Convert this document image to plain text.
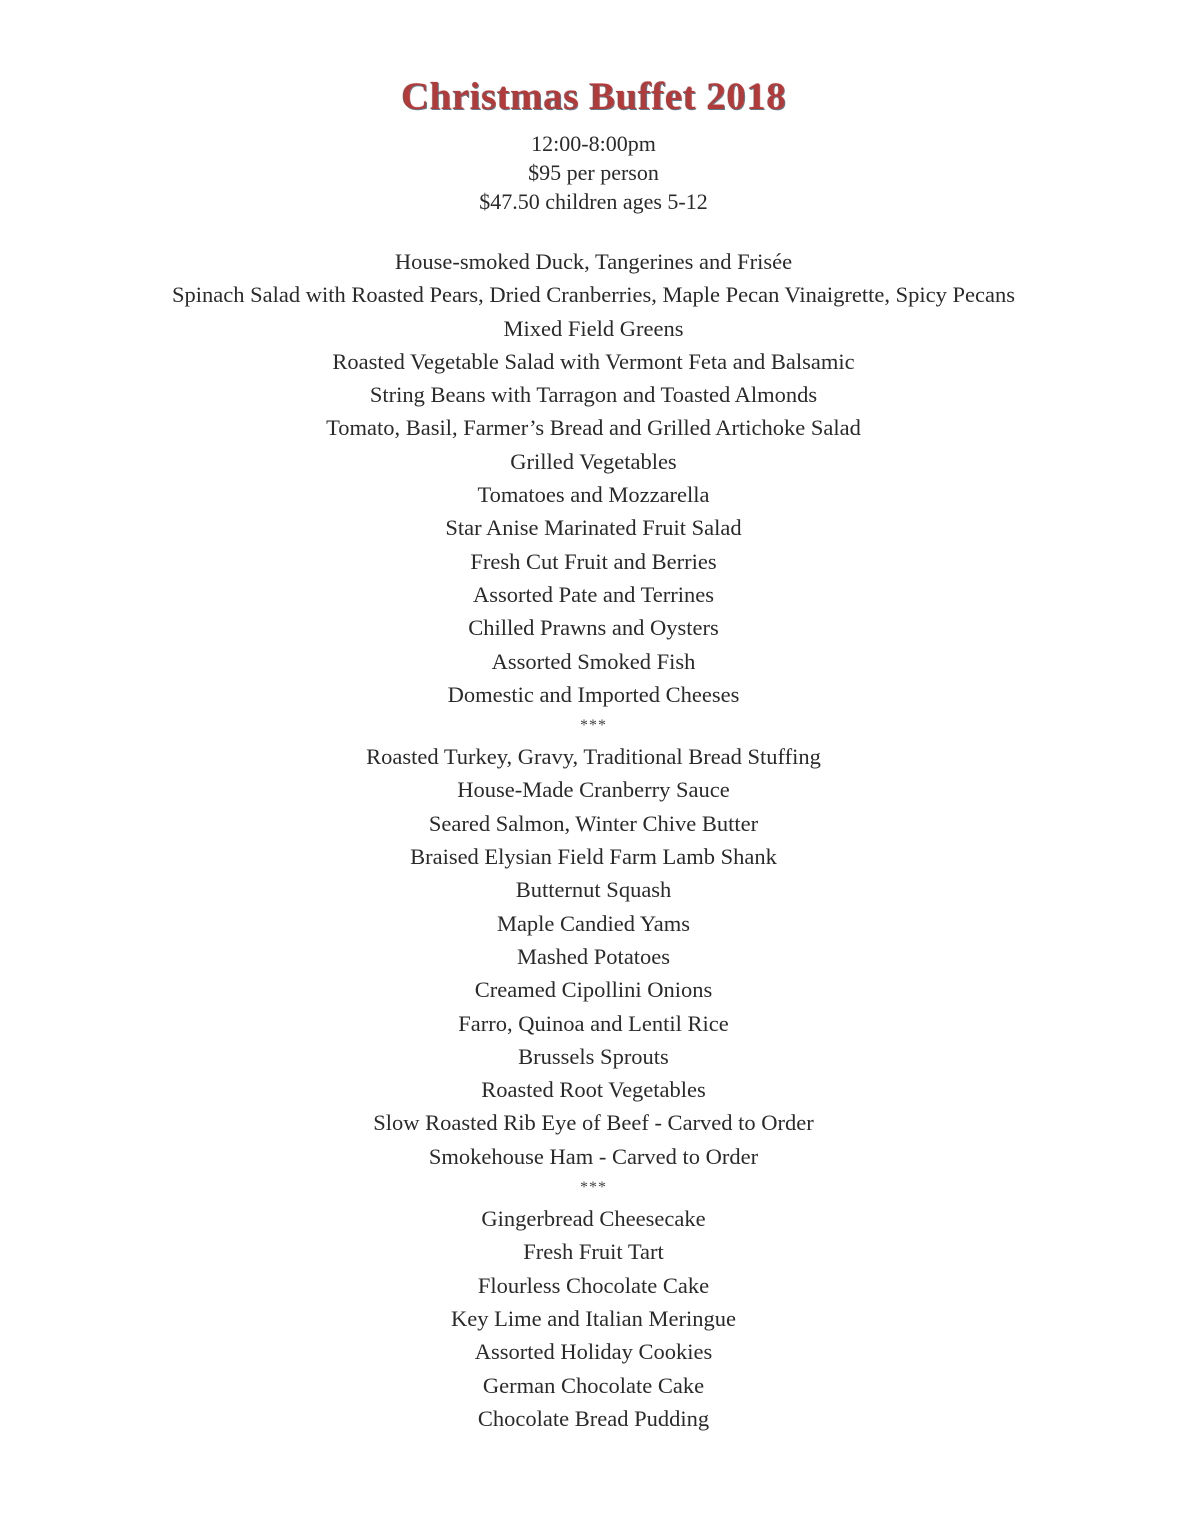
Christmas Buffet 2018
12:00-8:00pm
$95 per person
$47.50 children ages 5-12
House-smoked Duck, Tangerines and Frisée
Spinach Salad with Roasted Pears, Dried Cranberries, Maple Pecan Vinaigrette, Spicy Pecans
Mixed Field Greens
Roasted Vegetable Salad with Vermont Feta and Balsamic
String Beans with Tarragon and Toasted Almonds
Tomato, Basil, Farmer’s Bread and Grilled Artichoke Salad
Grilled Vegetables
Tomatoes and Mozzarella
Star Anise Marinated Fruit Salad
Fresh Cut Fruit and Berries
Assorted Pate and Terrines
Chilled Prawns and Oysters
Assorted Smoked Fish
Domestic and Imported Cheeses
***
Roasted Turkey, Gravy, Traditional Bread Stuffing
House-Made Cranberry Sauce
Seared Salmon, Winter Chive Butter
Braised Elysian Field Farm Lamb Shank
Butternut Squash
Maple Candied Yams
Mashed Potatoes
Creamed Cipollini Onions
Farro, Quinoa and Lentil Rice
Brussels Sprouts
Roasted Root Vegetables
Slow Roasted Rib Eye of Beef - Carved to Order
Smokehouse Ham - Carved to Order
***
Gingerbread Cheesecake
Fresh Fruit Tart
Flourless Chocolate Cake
Key Lime and Italian Meringue
Assorted Holiday Cookies
German Chocolate Cake
Chocolate Bread Pudding
